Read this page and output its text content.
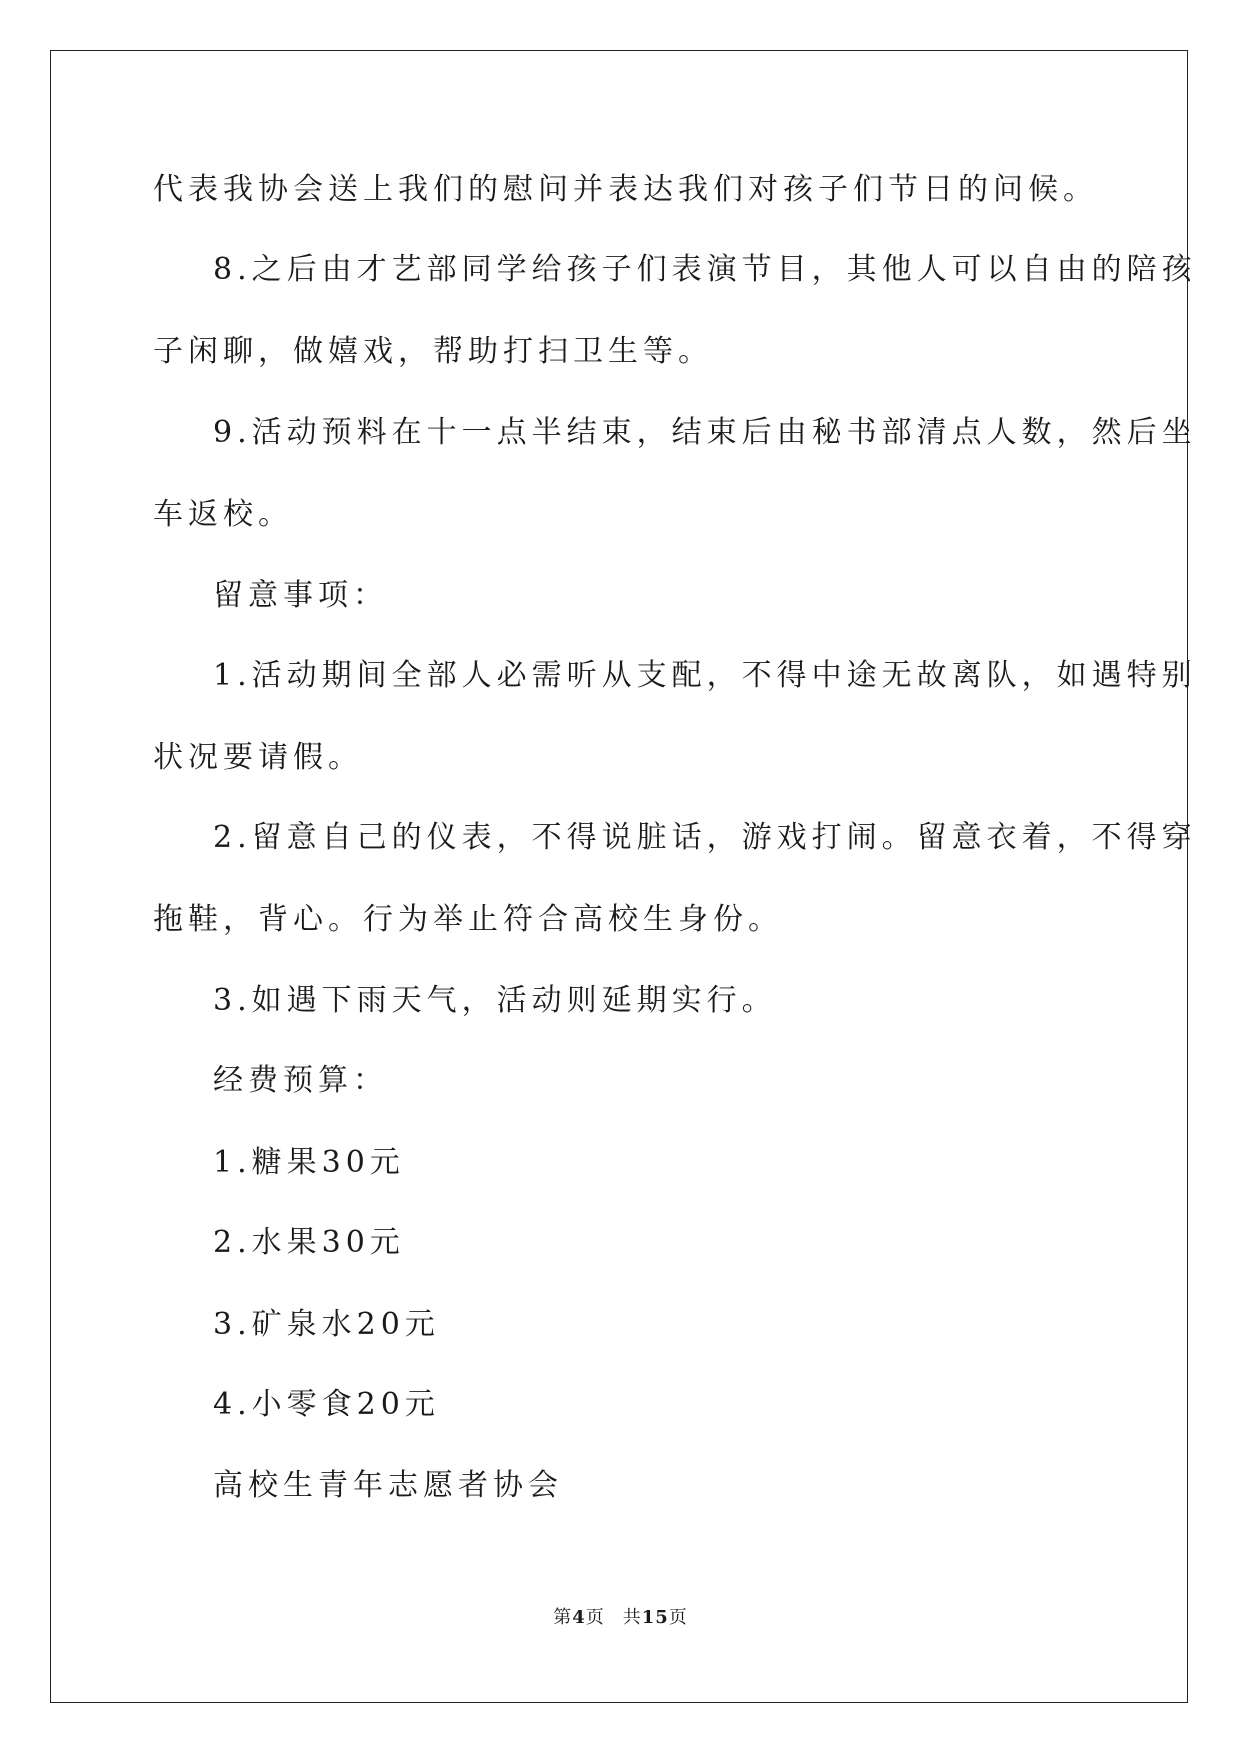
代表我协会送上我们的慰问并表达我们对孩子们节日的问候。
8.之后由才艺部同学给孩子们表演节目，其他人可以自由的陪孩
子闲聊，做嬉戏，帮助打扫卫生等。
9.活动预料在十一点半结束，结束后由秘书部清点人数，然后坐
车返校。
留意事项：
1.活动期间全部人必需听从支配，不得中途无故离队，如遇特别
状况要请假。
2.留意自己的仪表，不得说脏话，游戏打闹。留意衣着，不得穿
拖鞋，背心。行为举止符合高校生身份。
3.如遇下雨天气，活动则延期实行。
经费预算：
1.糖果30元
2.水果30元
3.矿泉水20元
4.小零食20元
高校生青年志愿者协会
第4页 共15页
